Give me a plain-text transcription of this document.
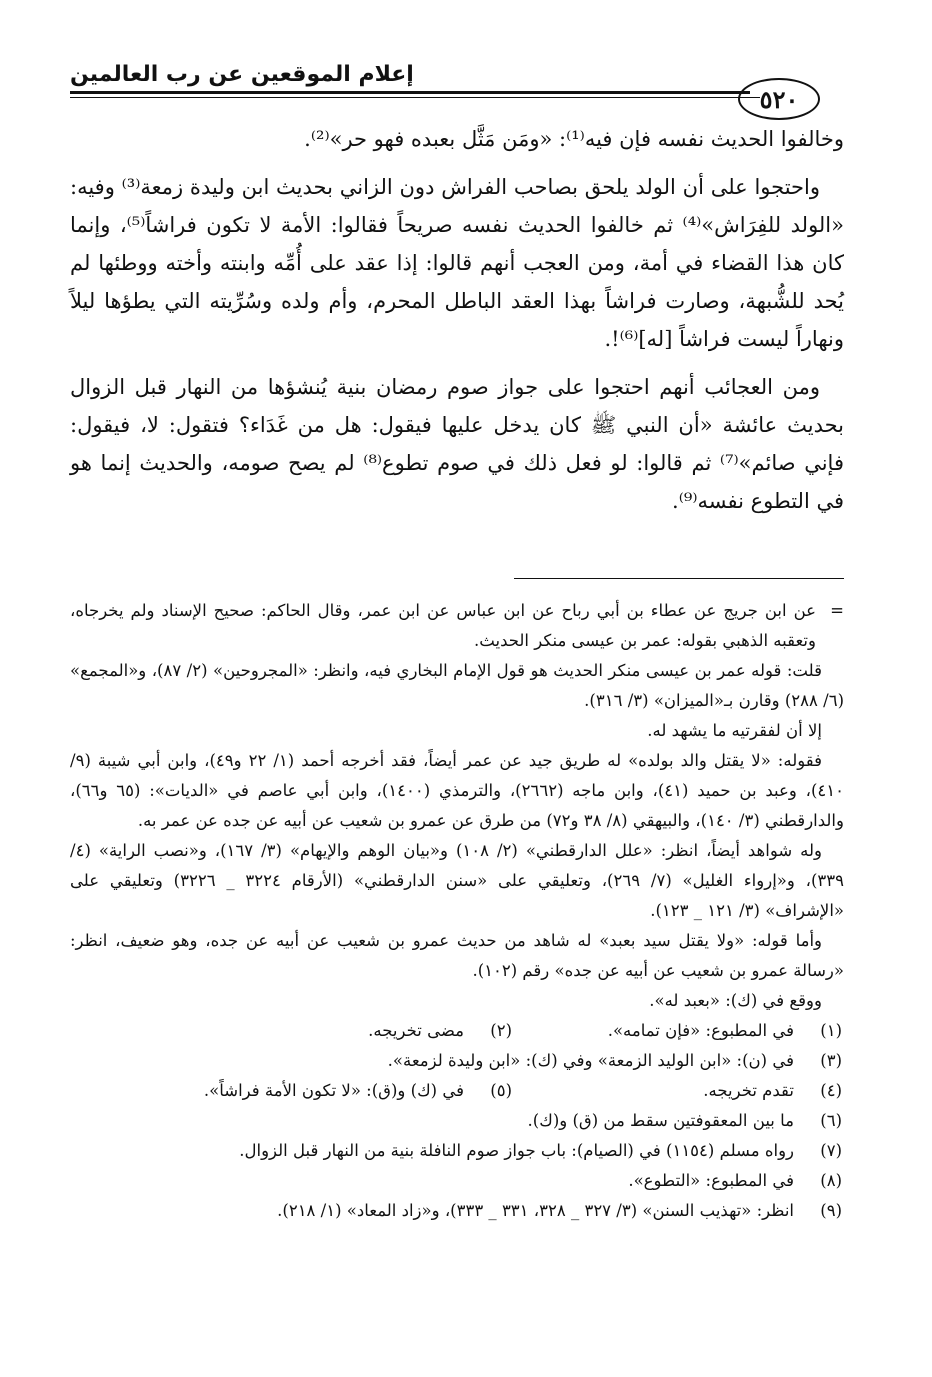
٥٢٠
إعلام الموقعين عن رب العالمين

وخالفوا الحديث نفسه فإن فيه⁽¹⁾: «ومَن مَثَّل بعبده فهو حر»⁽²⁾.

واحتجوا على أن الولد يلحق بصاحب الفراش دون الزاني بحديث ابن وليدة زمعة⁽³⁾ وفيه: «الولد للفِرَاش»⁽⁴⁾ ثم خالفوا الحديث نفسه صريحاً فقالوا: الأمة لا تكون فراشاً⁽⁵⁾، وإنما كان هذا القضاء في أمة، ومن العجب أنهم قالوا: إذا عقد على أُمِّه وابنته وأخته ووطئها لم يُحد للشُّبهة، وصارت فراشاً بهذا العقد الباطل المحرم، وأم ولده وسُرِّيته التي يطؤها ليلاً ونهاراً ليست فراشاً [له]⁽⁶⁾!.

ومن العجائب أنهم احتجوا على جواز صوم رمضان بنية يُنشؤها من النهار قبل الزوال بحديث عائشة «أن النبي ﷺ كان يدخل عليها فيقول: هل من غَدَاء؟ فتقول: لا، فيقول: فإني صائم»⁽⁷⁾ ثم قالوا: لو فعل ذلك في صوم تطوع⁽⁸⁾ لم يصح صومه، والحديث إنما هو في التطوع نفسه⁽⁹⁾.

=
عن ابن جريج عن عطاء بن أبي رباح عن ابن عباس عن ابن عمر، وقال الحاكم: صحيح الإسناد ولم يخرجاه، وتعقبه الذهبي بقوله: عمر بن عيسى منكر الحديث.

قلت: قوله عمر بن عيسى منكر الحديث هو قول الإمام البخاري فيه، وانظر: «المجروحين» (٢/ ٨٧)، و«المجمع» (٦/ ٢٨٨) وقارن بـ«الميزان» (٣/ ٣١٦).

إلا أن لفقرتيه ما يشهد له.

فقوله: «لا يقتل والد بولده» له طريق جيد عن عمر أيضاً، فقد أخرجه أحمد (١/ ٢٢ و٤٩)، وابن أبي شيبة (٩/ ٤١٠)، وعبد بن حميد (٤١)، وابن ماجه (٢٦٦٢)، والترمذي (١٤٠٠)، وابن أبي عاصم في «الديات»: (٦٥ و٦٦)، والدارقطني (٣/ ١٤٠)، والبيهقي (٨/ ٣٨ و٧٢) من طرق عن عمرو بن شعيب عن أبيه عن جده عن عمر به.

وله شواهد أيضاً، انظر: «علل الدارقطني» (٢/ ١٠٨) و«بيان الوهم والإيهام» (٣/ ١٦٧)، و«نصب الراية» (٤/ ٣٣٩)، و«إرواء الغليل» (٧/ ٢٦٩)، وتعليقي على «سنن الدارقطني» (الأرقام ٣٢٢٤ _ ٣٢٢٦) وتعليقي على «الإشراف» (٣/ ١٢١ _ ١٢٣).

وأما قوله: «ولا يقتل سيد بعبد» له شاهد من حديث عمرو بن شعيب عن أبيه عن جده، وهو ضعيف، انظر: «رسالة عمرو بن شعيب عن أبيه عن جده» رقم (١٠٢).

ووقع في (ك): «بعبد له».

(١)
في المطبوع: «فإن تمامه».
(٢)
مضى تخريجه.
(٣)
في (ن): «ابن الوليد الزمعة» وفي (ك): «ابن وليدة لزمعة».
(٤)
تقدم تخريجه.
(٥)
في (ك) و(ق): «لا تكون الأمة فراشاً».
(٦)
ما بين المعقوفتين سقط من (ق) و(ك).
(٧)
رواه مسلم (١١٥٤) في (الصيام): باب جواز صوم النافلة بنية من النهار قبل الزوال.
(٨)
في المطبوع: «التطوع».
(٩)
انظر: «تهذيب السنن» (٣/ ٣٢٧ _ ٣٢٨، ٣٣١ _ ٣٣٣)، و«زاد المعاد» (١/ ٢١٨).
